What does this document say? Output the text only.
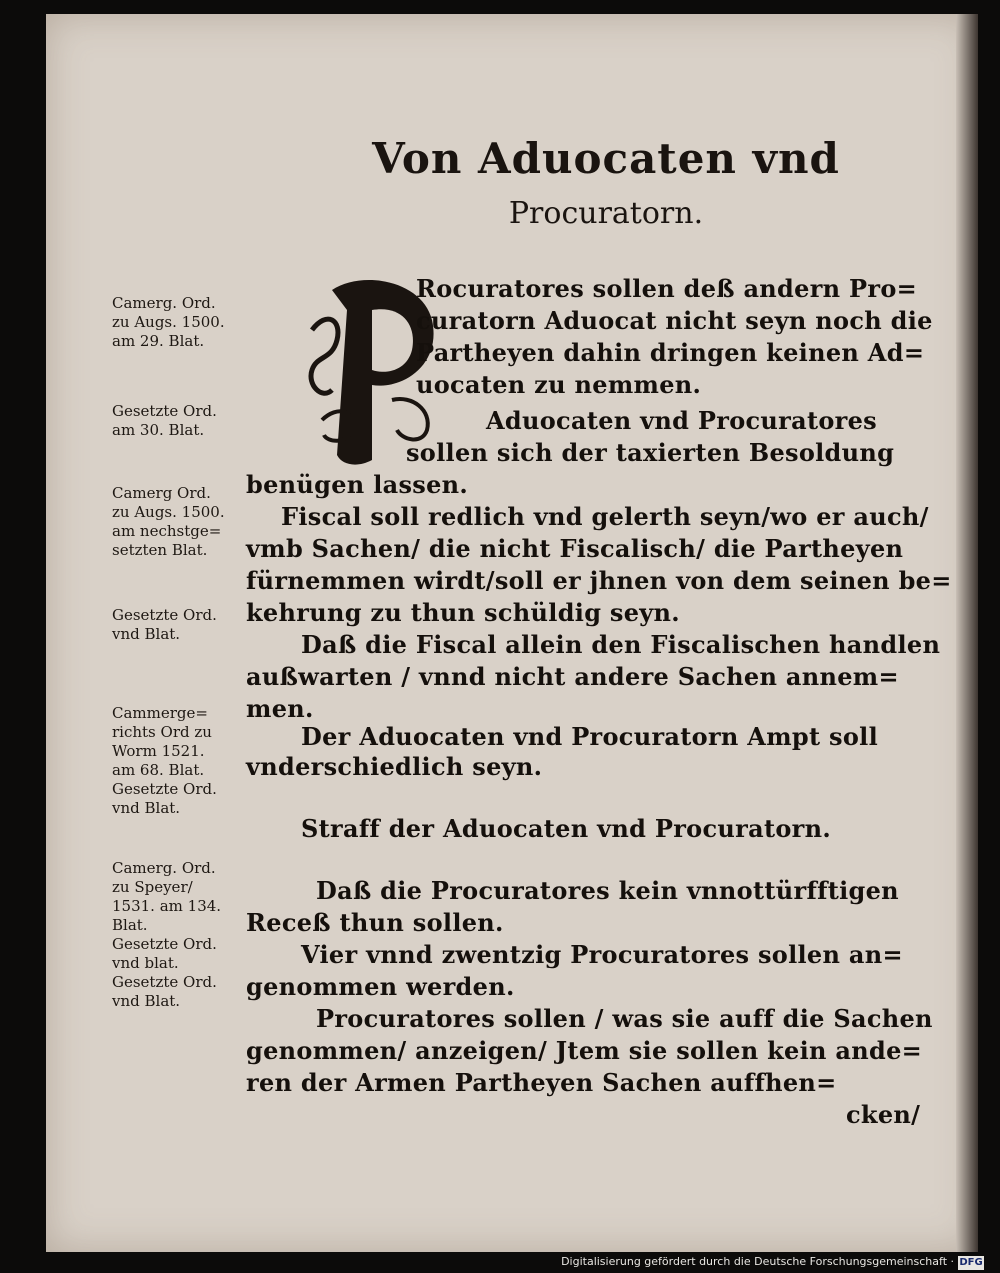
Von Aduocaten vnd
Procuratorn.
Rocuratores sollen deß andern Pro=
curatorn Aduocat nicht seyn noch die
Partheyen dahin dringen keinen Ad=
uocaten zu nemmen.
Aduocaten vnd Procuratores
sollen sich der taxierten Besoldung
benügen lassen.
Fiscal soll redlich vnd gelerth seyn/wo er auch/
vmb Sachen/ die nicht Fiscalisch/ die Partheyen
fürnemmen wirdt/soll er jhnen von dem seinen be=
kehrung zu thun schüldig seyn.
Daß die Fiscal allein den Fiscalischen handlen
außwarten / vnnd nicht andere Sachen annem=
men.
Der Aduocaten vnd Procuratorn Ampt soll
vnderschiedlich seyn.
Straff der Aduocaten vnd Procuratorn.
Daß die Procuratores kein vnnottürfftigen
Receß thun sollen.
Vier vnnd zwentzig Procuratores sollen an=
genommen werden.
Procuratores sollen / was sie auff die Sachen
genommen/ anzeigen/ Jtem sie sollen kein ande=
ren der Armen Partheyen Sachen auffhen=
cken/
Camerg. Ord.
zu Augs. 1500.
am 29. Blat.
Gesetzte Ord.
am 30. Blat.
Camerg Ord.
zu Augs. 1500.
am nechstge=
setzten Blat.
Gesetzte Ord.
vnd Blat.
Cammerge=
richts Ord zu
Worm 1521.
am 68. Blat.
Gesetzte Ord.
vnd Blat.
Camerg. Ord.
zu Speyer/
1531. am 134.
Blat.
Gesetzte Ord.
vnd blat.
Gesetzte Ord.
vnd Blat.
Digitalisierung gefördert durch die Deutsche Forschungsgemeinschaft · DFG
